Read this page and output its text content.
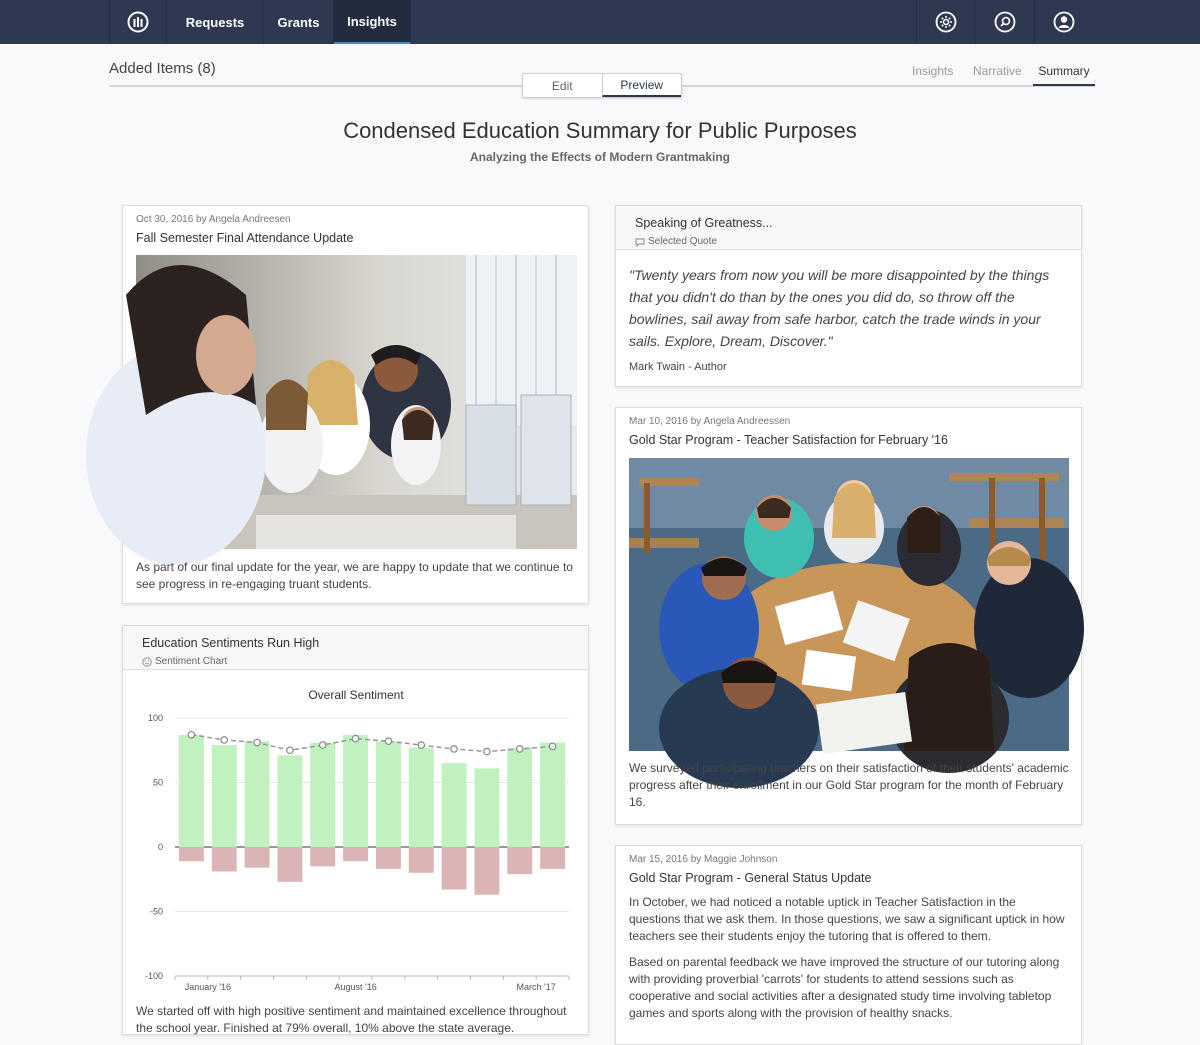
Requests	Grants	Insights
Added Items (8)	Insights Narrative	Summary
Edit	Preview
Condensed Education Summary for Public Purposes
Analyzing the Effects of Modern Grantmaking
Oct 30, 2016 by Angela Andreesen
Fall Semester Final Attendance Update
As part of our final update for the year, we are happy to update that we continue to see progress in re-engaging truant students.
Education Sentiments Run High
Sentiment Chart
Overall Sentiment
100
50
0
-50
-100
January '16	August '16	March '17
We started off with high positive sentiment and maintained excellence throughout the school year. Finished at 79% overall, 10% above the state average.
Speaking of Greatness...
Selected Quote
"Twenty years from now you will be more disappointed by the things that you didn't do than by the ones you did do, so throw off the bowlines, sail away from safe harbor, catch the trade winds in your sails. Explore, Dream, Discover."
Mark Twain - Author
Mar 10, 2016 by Angela Andreessen
Gold Star Program - Teacher Satisfaction for February '16
We surveyed participating teachers on their satisfaction of their students' academic progress after their enrollment in our Gold Star program for the month of February 16.
Mar 15, 2016 by Maggie Johnson
Gold Star Program - General Status Update
In October, we had noticed a notable uptick in Teacher Satisfaction in the questions that we ask them. In those questions, we saw a significant uptick in how teachers see their students enjoy the tutoring that is offered to them.
Based on parental feedback we have improved the structure of our tutoring along with providing proverbial 'carrots' for students to attend sessions such as cooperative and social activities after a designated study time involving tabletop games and sports along with the provision of healthy snacks.
